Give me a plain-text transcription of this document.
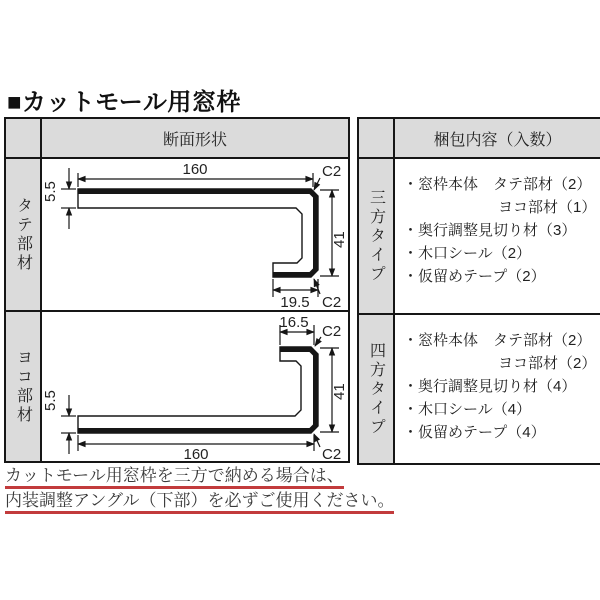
■カットモール用窓枠
断面形状
タテ部材
160
5.5
41
19.5
C2
C2
ヨコ部材
16.5
C2
41
5.5
160	C2
梱包内容（入数）
三方タイプ
・窓枠本体　タテ部材（2）
ヨコ部材（1）
・奥行調整見切り材（3）
・木口シール（2）
・仮留めテープ（2）
四方タイプ
・窓枠本体　タテ部材（2）
ヨコ部材（2）
・奥行調整見切り材（4）
・木口シール（4）
・仮留めテープ（4）
カットモール用窓枠を三方で納める場合は、
内装調整アングル（下部）を必ずご使用ください。
